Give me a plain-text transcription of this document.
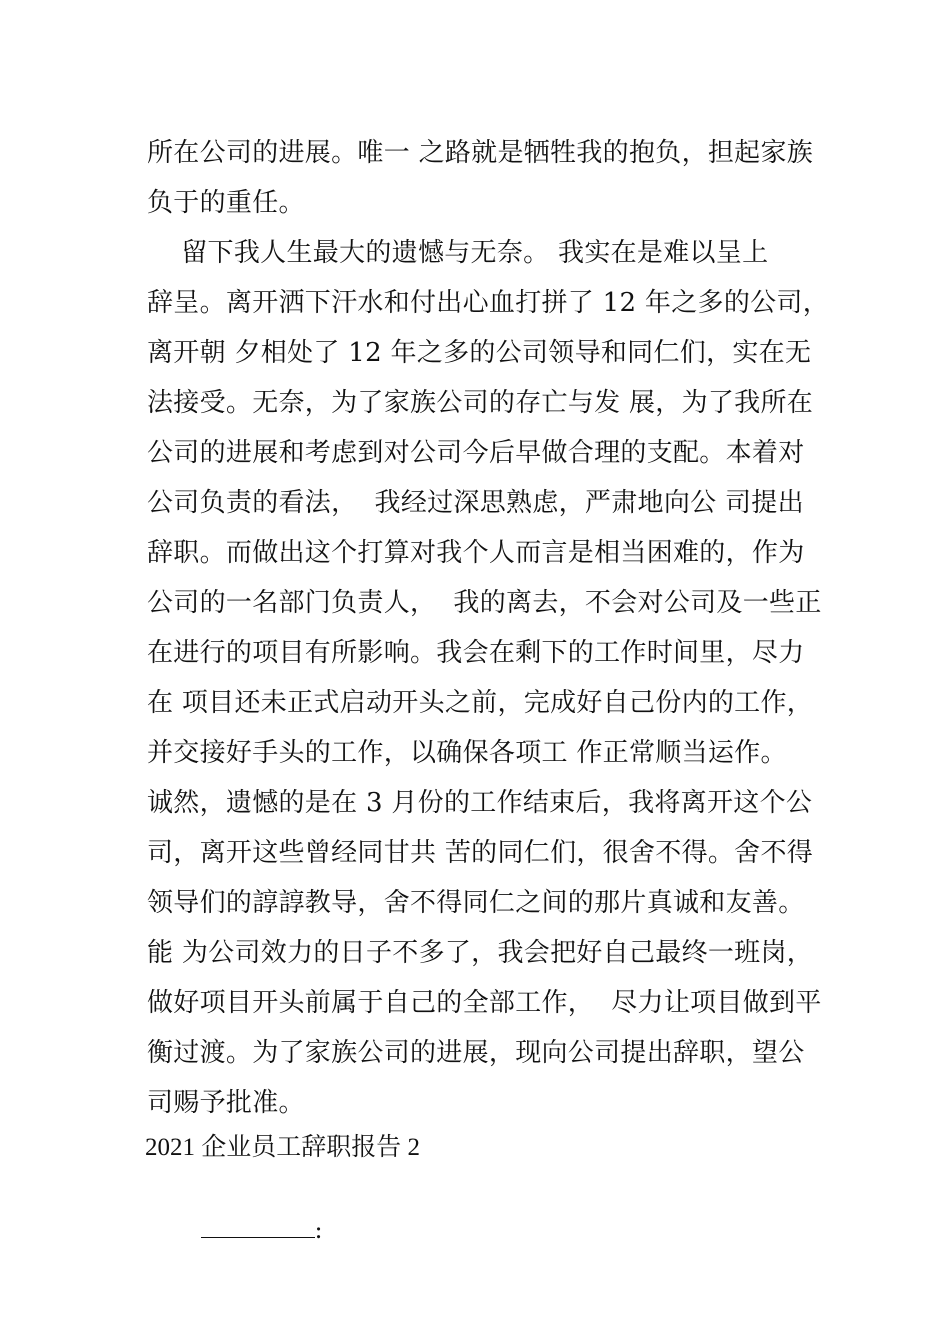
所在公司的进展。唯一 之路就是牺牲我的抱负，担起家族
负于的重任。
留下我人生最大的遗憾与无奈。 我实在是难以呈上
辞呈。离开洒下汗水和付出心血打拼了 12 年之多的公司，
离开朝 夕相处了 12 年之多的公司领导和同仁们，实在无
法接受。无奈，为了家族公司的存亡与发 展，为了我所在
公司的进展和考虑到对公司今后早做合理的支配。本着对
公司负责的看法，  我经过深思熟虑，严肃地向公 司提出
辞职。而做出这个打算对我个人而言是相当困难的，作为
公司的一名部门负责人，  我的离去，不会对公司及一些正
在进行的项目有所影响。我会在剩下的工作时间里，尽力
在 项目还未正式启动开头之前，完成好自己份内的工作，
并交接好手头的工作，以确保各项工 作正常顺当运作。
诚然，遗憾的是在 3 月份的工作结束后，我将离开这个公
司，离开这些曾经同甘共 苦的同仁们，很舍不得。舍不得
领导们的諄諄教导，舍不得同仁之间的那片真诚和友善。
能 为公司效力的日子不多了，我会把好自己最终一班岗，
做好项目开头前属于自己的全部工作，  尽力让项目做到平
衡过渡。为了家族公司的进展，现向公司提出辞职，望公
司赐予批准。
2021 企业员工辞职报告 2

:
